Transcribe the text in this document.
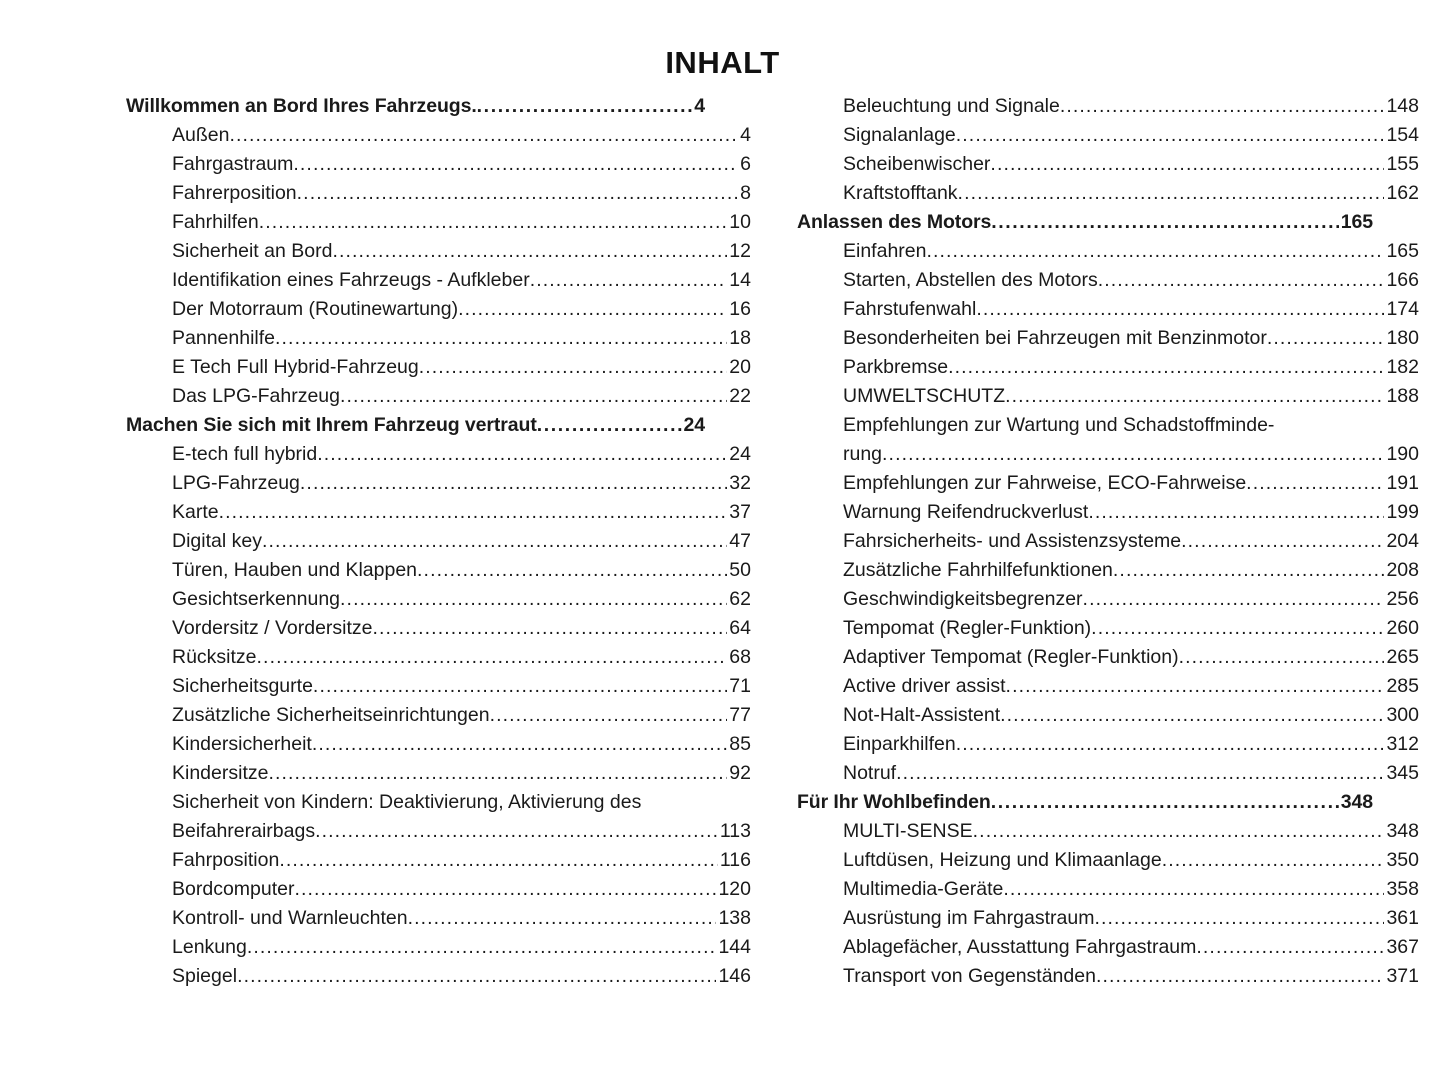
INHALT
Willkommen an Bord Ihres Fahrzeugs. .....	4
Außen .....	4
Fahrgastraum .....	6
Fahrerposition .....	8
Fahrhilfen .....	10
Sicherheit an Bord .....	12
Identifikation eines Fahrzeugs - Aufkleber .....	14
Der Motorraum (Routinewartung) .....	16
Pannenhilfe .....	18
E Tech Full Hybrid-Fahrzeug .....	20
Das LPG-Fahrzeug .....	22
Machen Sie sich mit Ihrem Fahrzeug vertraut .....	24
E-tech full hybrid .....	24
LPG-Fahrzeug .....	32
Karte .....	37
Digital key .....	47
Türen, Hauben und Klappen .....	50
Gesichtserkennung .....	62
Vordersitz / Vordersitze .....	64
Rücksitze .....	68
Sicherheitsgurte .....	71
Zusätzliche Sicherheitseinrichtungen .....	77
Kindersicherheit .....	85
Kindersitze .....	92
Sicherheit von Kindern: Deaktivierung, Aktivierung des
Beifahrerairbags .....	113
Fahrposition .....	116
Bordcomputer .....	120
Kontroll- und Warnleuchten .....	138
Lenkung .....	144
Spiegel .....	146
Beleuchtung und Signale .....	148
Signalanlage .....	154
Scheibenwischer .....	155
Kraftstofftank .....	162
Anlassen des Motors .....	165
Einfahren .....	165
Starten, Abstellen des Motors .....	166
Fahrstufenwahl .....	174
Besonderheiten bei Fahrzeugen mit Benzinmotor .....	180
Parkbremse .....	182
UMWELTSCHUTZ .....	188
Empfehlungen zur Wartung und Schadstoffminde-
rung .....	190
Empfehlungen zur Fahrweise, ECO-Fahrweise .....	191
Warnung Reifendruckverlust .....	199
Fahrsicherheits- und Assistenzsysteme .....	204
Zusätzliche Fahrhilfefunktionen .....	208
Geschwindigkeitsbegrenzer .....	256
Tempomat (Regler-Funktion) .....	260
Adaptiver Tempomat (Regler-Funktion) .....	265
Active driver assist .....	285
Not-Halt-Assistent .....	300
Einparkhilfen .....	312
Notruf .....	345
Für Ihr Wohlbefinden .....	348
MULTI-SENSE .....	348
Luftdüsen, Heizung und Klimaanlage .....	350
Multimedia-Geräte .....	358
Ausrüstung im Fahrgastraum .....	361
Ablagefächer, Ausstattung Fahrgastraum .....	367
Transport von Gegenständen .....	371
